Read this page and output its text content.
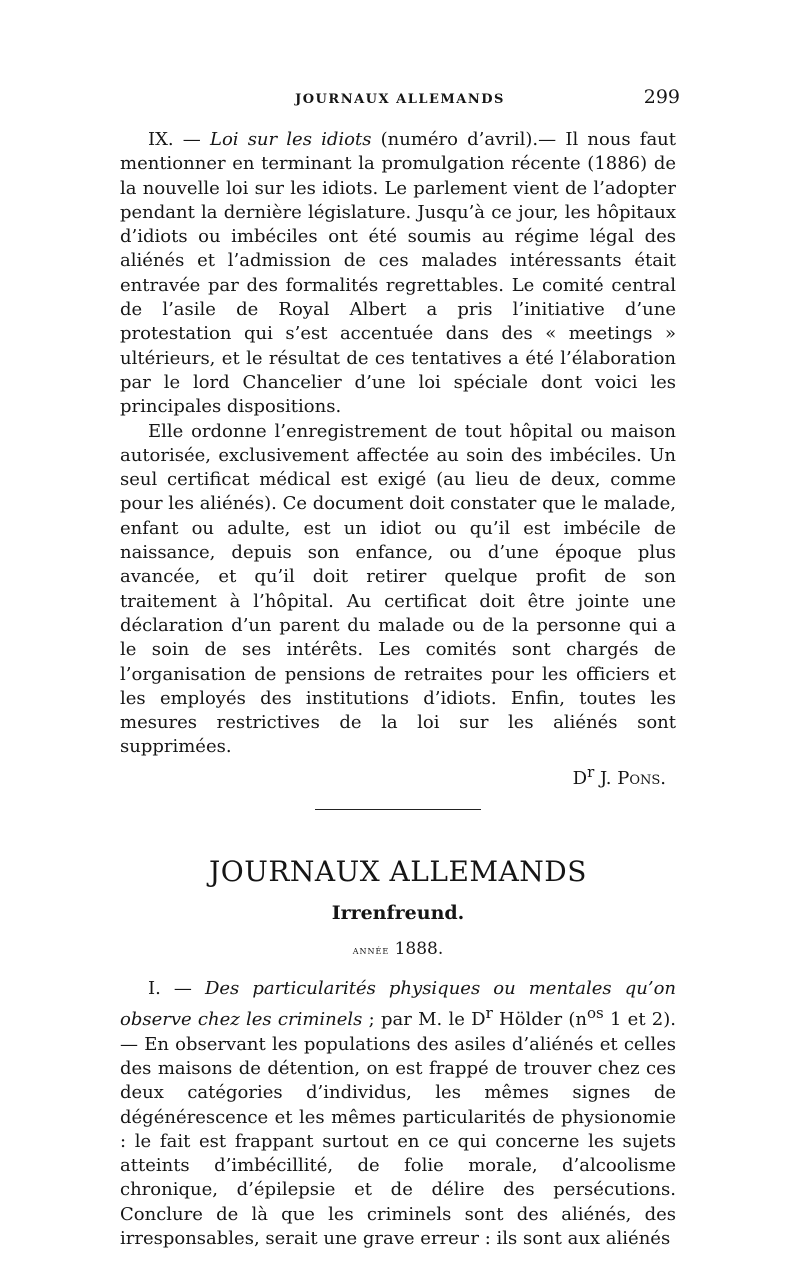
JOURNAUX ALLEMANDS	299

IX. — Loi sur les idiots (numéro d’avril).— Il nous faut mentionner en terminant la promulgation récente (1886) de la nouvelle loi sur les idiots. Le parlement vient de l’adopter pendant la dernière législature. Jusqu’à ce jour, les hôpitaux d’idiots ou imbéciles ont été soumis au régime légal des aliénés et l’admission de ces malades intéressants était entravée par des formalités regrettables. Le comité central de l’asile de Royal Albert a pris l’initiative d’une protestation qui s’est accentuée dans des « meetings » ultérieurs, et le résultat de ces tentatives a été l’élaboration par le lord Chancelier d’une loi spéciale dont voici les principales dispositions.

Elle ordonne l’enregistrement de tout hôpital ou maison autorisée, exclusivement affectée au soin des imbéciles. Un seul certificat médical est exigé (au lieu de deux, comme pour les aliénés). Ce document doit constater que le malade, enfant ou adulte, est un idiot ou qu’il est imbécile de naissance, depuis son enfance, ou d’une époque plus avancée, et qu’il doit retirer quelque profit de son traitement à l’hôpital. Au certificat doit être jointe une déclaration d’un parent du malade ou de la personne qui a le soin de ses intérêts. Les comités sont chargés de l’organisation de pensions de retraites pour les officiers et les employés des institutions d’idiots. Enfin, toutes les mesures restrictives de la loi sur les aliénés sont supprimées.

$D^r$ J. Pons.

JOURNAUX ALLEMANDS
Irrenfreund.
année 1888.

I. — Des particularités physiques ou mentales qu’on observe chez les criminels ; par M. le $D^r$ Hölder ($n^{os}$ 1 et 2). — En observant les populations des asiles d’aliénés et celles des maisons de détention, on est frappé de trouver chez ces deux catégories d’individus, les mêmes signes de dégénérescence et les mêmes particularités de physionomie : le fait est frappant surtout en ce qui concerne les sujets atteints d’imbécillité, de folie morale, d’alcoolisme chronique, d’épilepsie et de délire des persécutions. Conclure de là que les criminels sont des aliénés, des irresponsables, serait une grave erreur : ils sont aux aliénés
